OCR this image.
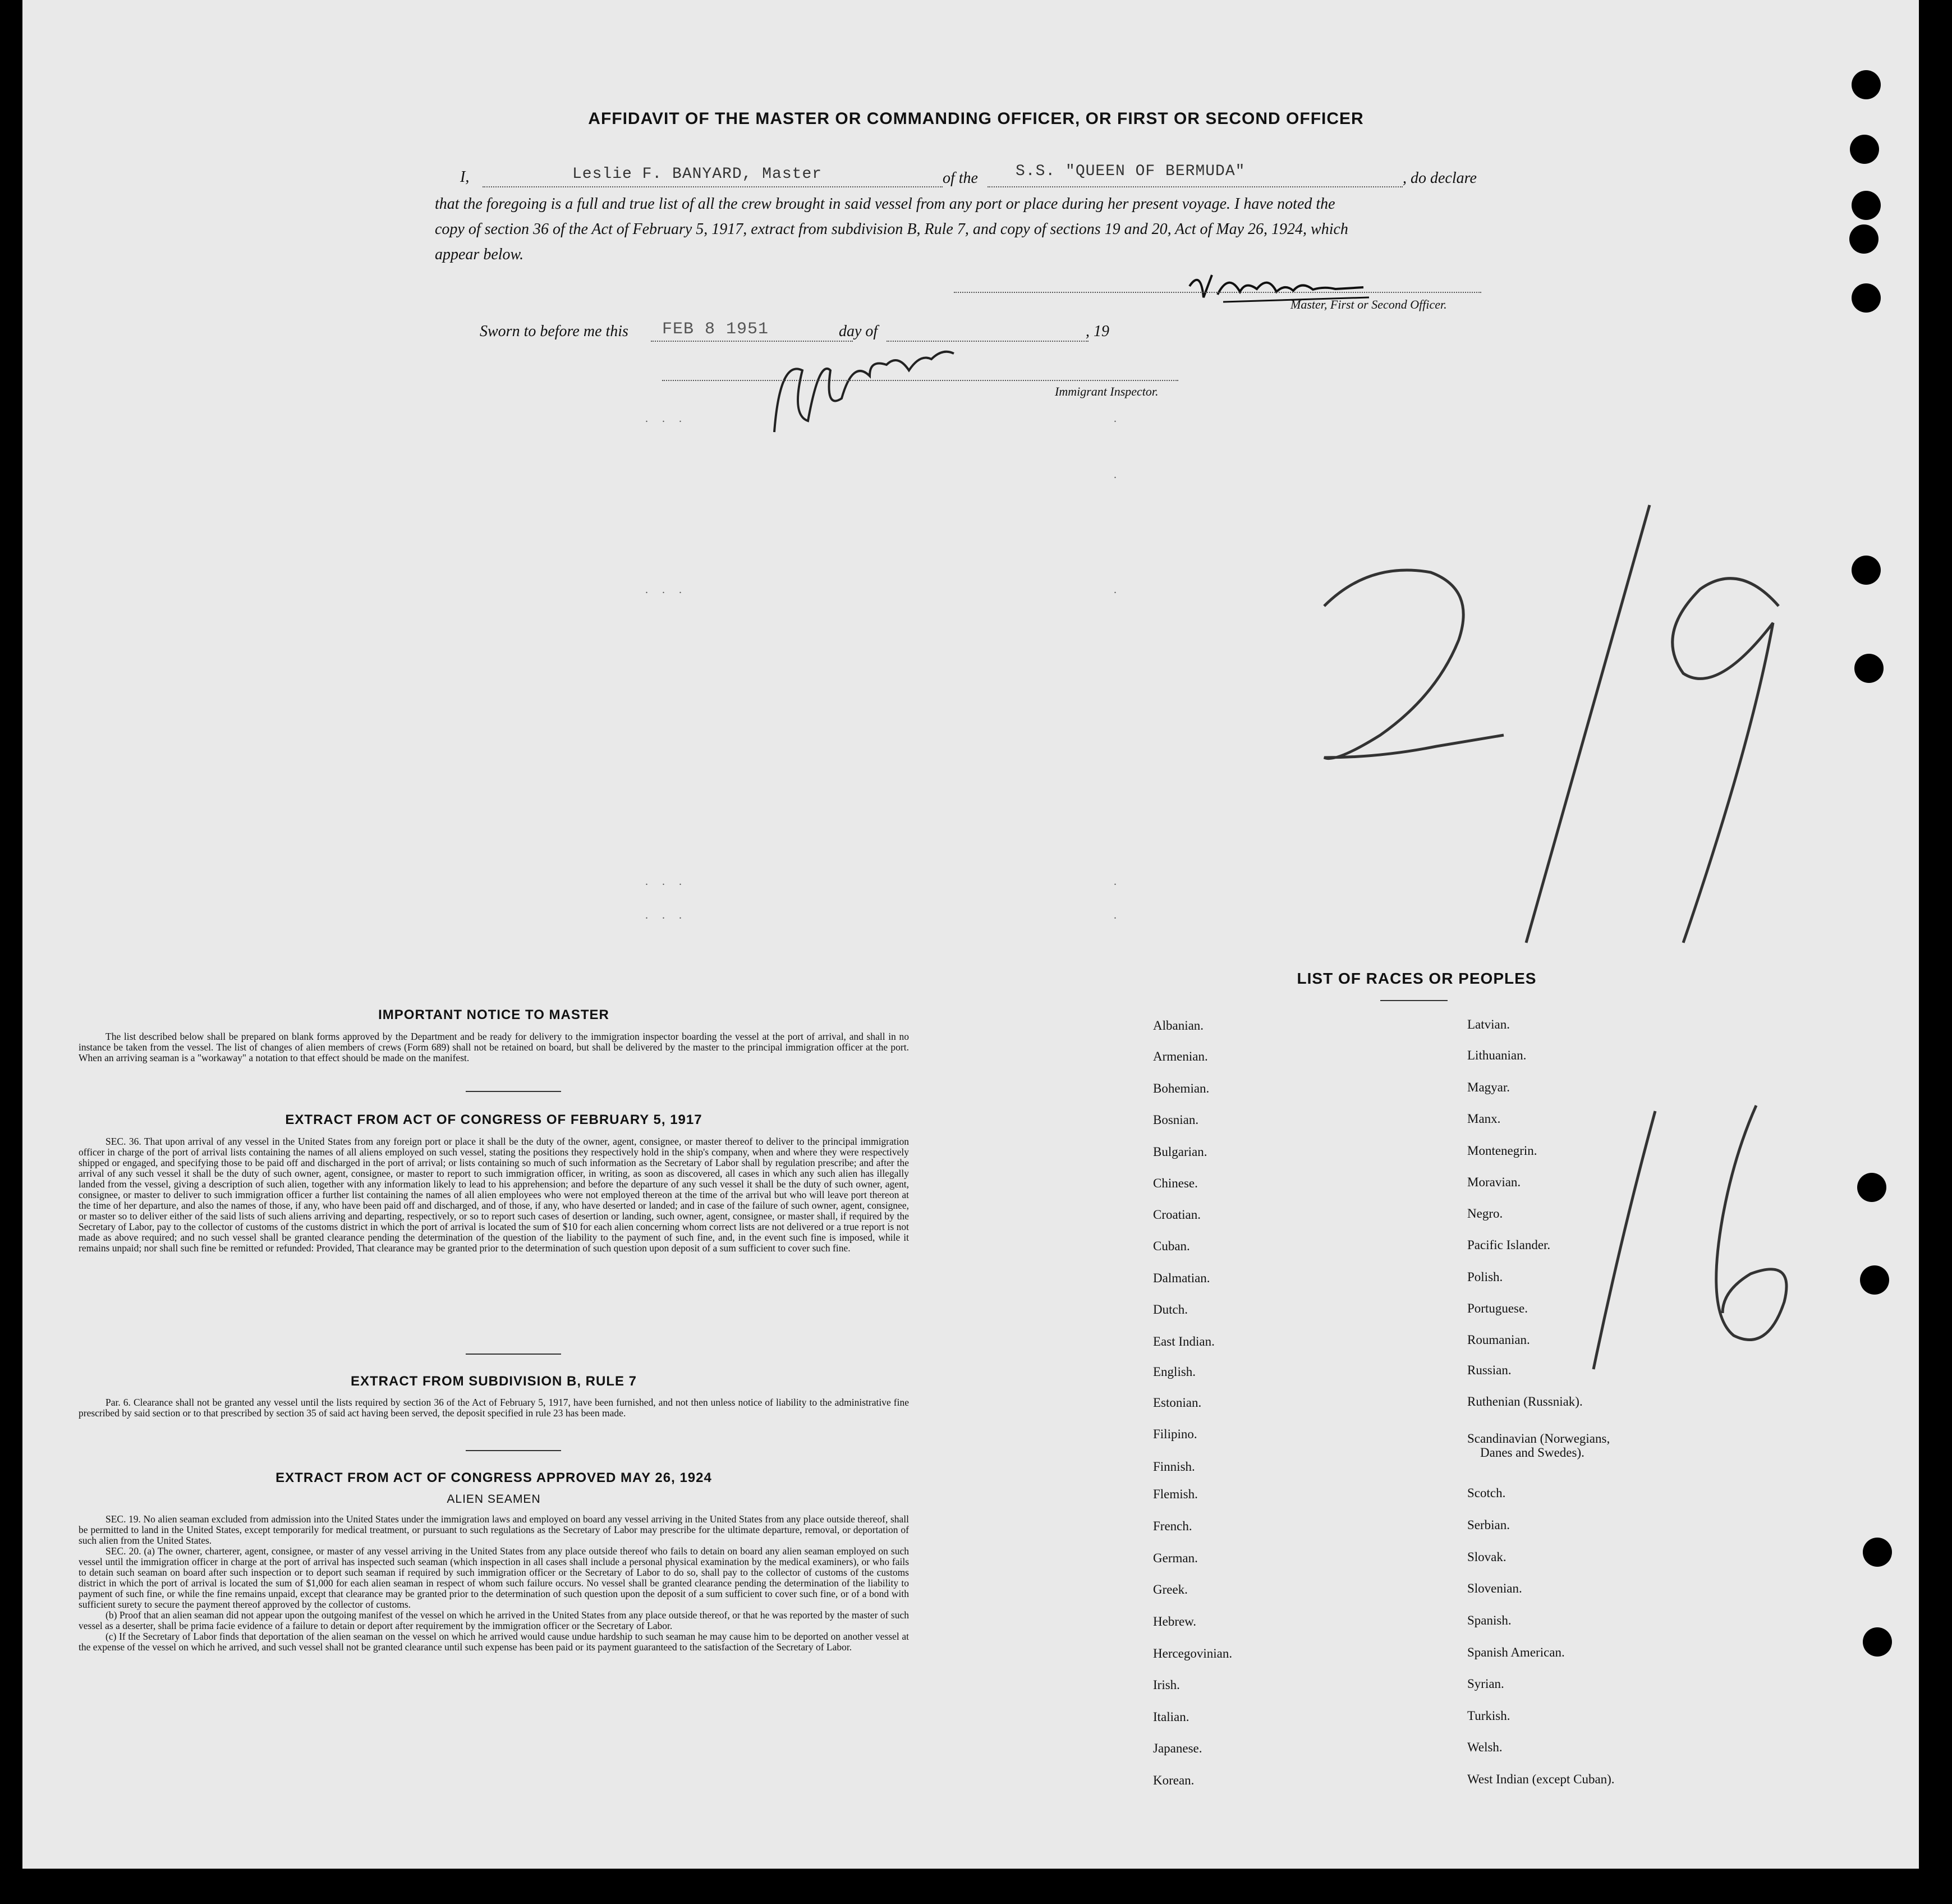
AFFIDAVIT OF THE MASTER OR COMMANDING OFFICER, OR FIRST OR SECOND OFFICER
I,	Leslie F. BANYARD, Master	of the S.S. "QUEEN OF BERMUDA"	, do declare
that the foregoing is a full and true list of all the crew brought in said vessel from any port or place during her present voyage. I have noted the
copy of section 36 of the Act of February 5, 1917, extract from subdivision B, Rule 7, and copy of sections 19 and 20, Act of May 26, 1924, which
appear below.
Master, First or Second Officer.
Sworn to before me this FEB 8 1951	day of	, 19
Immigrant Inspector.
. . .	.
.
. . .	.
. . .	.
. . .	.
IMPORTANT NOTICE TO MASTER

The list described below shall be prepared on blank forms approved by the Department and be ready for delivery to the immigration inspector boarding the vessel at the port of arrival, and shall in no instance be taken from the vessel. The list of changes of alien members of crews (Form 689) shall not be retained on board, but shall be delivered by the master to the principal immigration officer at the port. When an arriving seaman is a "workaway" a notation to that effect should be made on the manifest.

EXTRACT FROM ACT OF CONGRESS OF FEBRUARY 5, 1917

SEC. 36. That upon arrival of any vessel in the United States from any foreign port or place it shall be the duty of the owner, agent, consignee, or master thereof to deliver to the principal immigration officer in charge of the port of arrival lists containing the names of all aliens employed on such vessel, stating the positions they respectively hold in the ship's company, when and where they were respectively shipped or engaged, and specifying those to be paid off and discharged in the port of arrival; or lists containing so much of such information as the Secretary of Labor shall by regulation prescribe; and after the arrival of any such vessel it shall be the duty of such owner, agent, consignee, or master to report to such immigration officer, in writing, as soon as discovered, all cases in which any such alien has illegally landed from the vessel, giving a description of such alien, together with any information likely to lead to his apprehension; and before the departure of any such vessel it shall be the duty of such owner, agent, consignee, or master to deliver to such immigration officer a further list containing the names of all alien employees who were not employed thereon at the time of the arrival but who will leave port thereon at the time of her departure, and also the names of those, if any, who have been paid off and discharged, and of those, if any, who have deserted or landed; and in case of the failure of such owner, agent, consignee, or master so to deliver either of the said lists of such aliens arriving and departing, respectively, or so to report such cases of desertion or landing, such owner, agent, consignee, or master shall, if required by the Secretary of Labor, pay to the collector of customs of the customs district in which the port of arrival is located the sum of $10 for each alien concerning whom correct lists are not delivered or a true report is not made as above required; and no such vessel shall be granted clearance pending the determination of the question of the liability to the payment of such fine, and, in the event such fine is imposed, while it remains unpaid; nor shall such fine be remitted or refunded: Provided, That clearance may be granted prior to the determination of such question upon deposit of a sum sufficient to cover such fine.

EXTRACT FROM SUBDIVISION B, RULE 7

Par. 6. Clearance shall not be granted any vessel until the lists required by section 36 of the Act of February 5, 1917, have been furnished, and not then unless notice of liability to the administrative fine prescribed by said section or to that prescribed by section 35 of said act having been served, the deposit specified in rule 23 has been made.

EXTRACT FROM ACT OF CONGRESS APPROVED MAY 26, 1924
ALIEN SEAMEN

SEC. 19. No alien seaman excluded from admission into the United States under the immigration laws and employed on board any vessel arriving in the United States from any place outside thereof, shall be permitted to land in the United States, except temporarily for medical treatment, or pursuant to such regulations as the Secretary of Labor may prescribe for the ultimate departure, removal, or deportation of such alien from the United States.

SEC. 20. (a) The owner, charterer, agent, consignee, or master of any vessel arriving in the United States from any place outside thereof who fails to detain on board any alien seaman employed on such vessel until the immigration officer in charge at the port of arrival has inspected such seaman (which inspection in all cases shall include a personal physical examination by the medical examiners), or who fails to detain such seaman on board after such inspection or to deport such seaman if required by such immigration officer or the Secretary of Labor to do so, shall pay to the collector of customs of the customs district in which the port of arrival is located the sum of $1,000 for each alien seaman in respect of whom such failure occurs. No vessel shall be granted clearance pending the determination of the liability to payment of such fine, or while the fine remains unpaid, except that clearance may be granted prior to the determination of such question upon the deposit of a sum sufficient to cover such fine, or of a bond with sufficient surety to secure the payment thereof approved by the collector of customs.

(b) Proof that an alien seaman did not appear upon the outgoing manifest of the vessel on which he arrived in the United States from any place outside thereof, or that he was reported by the master of such vessel as a deserter, shall be prima facie evidence of a failure to detain or deport after requirement by the immigration officer or the Secretary of Labor.

(c) If the Secretary of Labor finds that deportation of the alien seaman on the vessel on which he arrived would cause undue hardship to such seaman he may cause him to be deported on another vessel at the expense of the vessel on which he arrived, and such vessel shall not be granted clearance until such expense has been paid or its payment guaranteed to the satisfaction of the Secretary of Labor.

LIST OF RACES OR PEOPLES
Albanian.
Armenian.
Bohemian.
Bosnian.
Bulgarian.
Chinese.
Croatian.
Cuban.
Dalmatian.
Dutch.
East Indian.
English.
Estonian.
Filipino.
Finnish.
Flemish.
French.
German.
Greek.
Hebrew.
Hercegovinian.
Irish.
Italian.
Japanese.
Korean.
Latvian.
Lithuanian.
Magyar.
Manx.
Montenegrin.
Moravian.
Negro.
Pacific Islander.
Polish.
Portuguese.
Roumanian.
Russian.
Ruthenian (Russniak).
Scandinavian (Norwegians,
Danes and Swedes).
Scotch.
Serbian.
Slovak.
Slovenian.
Spanish.
Spanish American.
Syrian.
Turkish.
Welsh.
West Indian (except Cuban).
